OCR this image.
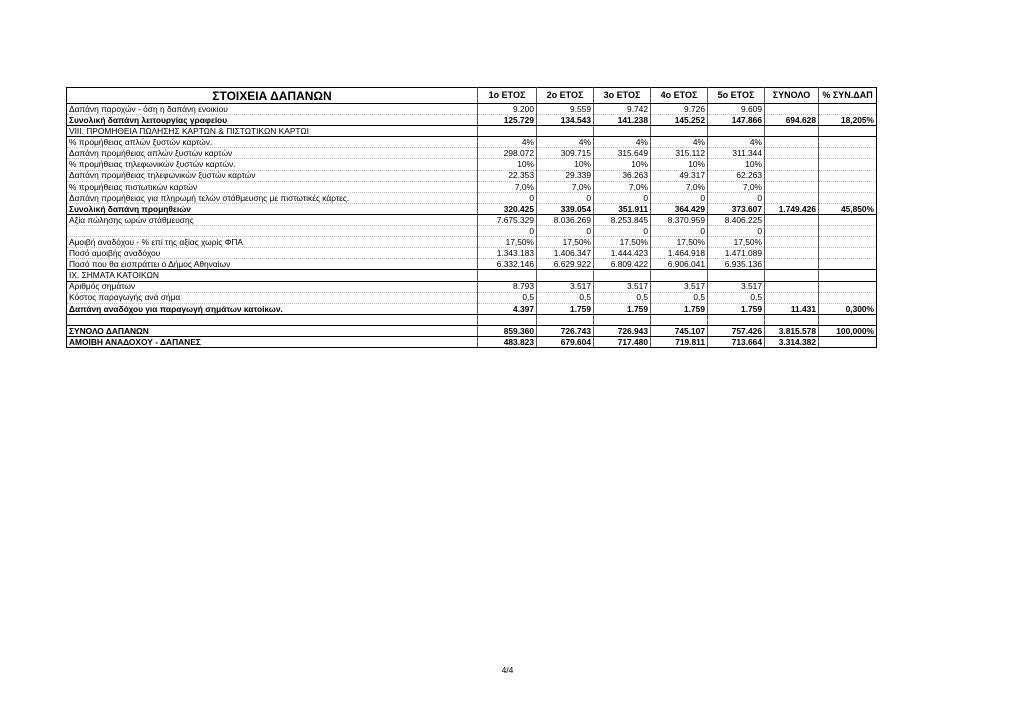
ΣΤΟΙΧΕΙΑ ΔΑΠΑΝΩΝ	1ο ΕΤΟΣ	2ο ΕΤΟΣ	3ο ΕΤΟΣ	4ο ΕΤΟΣ	5ο ΕΤΟΣ	ΣΥΝΟΛΟ	% ΣΥΝ.ΔΑΠ
Δαπάνη παροχών - όση η δαπάνη ενοικίου	9.200	9.559	9.742	9.726	9.609		
Συνολική δαπάνη λειτουργίας γραφείου	125.729	134.543	141.238	145.252	147.866	694.628	18,205%
VIII. ΠΡΟΜΗΘΕΙΑ ΠΩΛΗΣΗΣ ΚΑΡΤΩΝ & ΠΙΣΤΩΤΙΚΩΝ ΚΑΡΤΩΙ							
% προμήθειας απλών ξυστών καρτών.	4%	4%	4%	4%	4%		
Δαπάνη προμήθειας απλών ξυστών καρτών	298.072	309.715	315.649	315.112	311.344		
% προμήθειας τηλεφωνικών ξυστών καρτών.	10%	10%	10%	10%	10%		
Δαπάνη προμήθειας τηλεφωνικών ξυστών καρτών	22.353	29.339	36.263	49.317	62.263		
% προμήθειας πιστωτικών καρτών	7,0%	7,0%	7,0%	7,0%	7,0%		
Δαπάνη προμήθειας για πληρωμή τελών στάθμευσης με πιστωτικές κάρτες.	0	0	0	0	0		
Συνολική δαπάνη προμηθειών	320.425	339.054	351.911	364.429	373.607	1.749.426	45,850%
Αξία πώλησης ωρών στάθμευσης	7.675.329	8.036.269	8.253.845	8.370.959	8.406.225		
	0	0	0	0	0		
Αμοιβή αναδόχου - % επί της αξίας χωρίς ΦΠΑ	17,50%	17,50%	17,50%	17,50%	17,50%		
Ποσό αμοιβής αναδόχου	1.343.183	1.406.347	1.444.423	1.464.918	1.471.089		
Ποσό που θα εισπράττει ο Δήμος Αθηναίων	6.332.146	6.629.922	6.809.422	6.906.041	6.935.136		
IX. ΣΗΜΑΤΑ ΚΑΤΟΙΚΩΝ							
Αριθμός σημάτων	8.793	3.517	3.517	3.517	3.517		
Κόστος παραγωγής ανά σήμα	0,5	0,5	0,5	0,5	0,5		
Δαπάνη αναδόχου για παραγωγή σημάτων κατοίκων.	4.397	1.759	1.759	1.759	1.759	11.431	0,300%

ΣΥΝΟΛΟ ΔΑΠΑΝΩΝ	859.360	726.743	726.943	745.107	757.426	3.815.578	100,000%
ΑΜΟΙΒΗ ΑΝΑΔΟΧΟΥ - ΔΑΠΑΝΕΣ	483.823	679.604	717.480	719.811	713.664	3.314.382	
4/4
